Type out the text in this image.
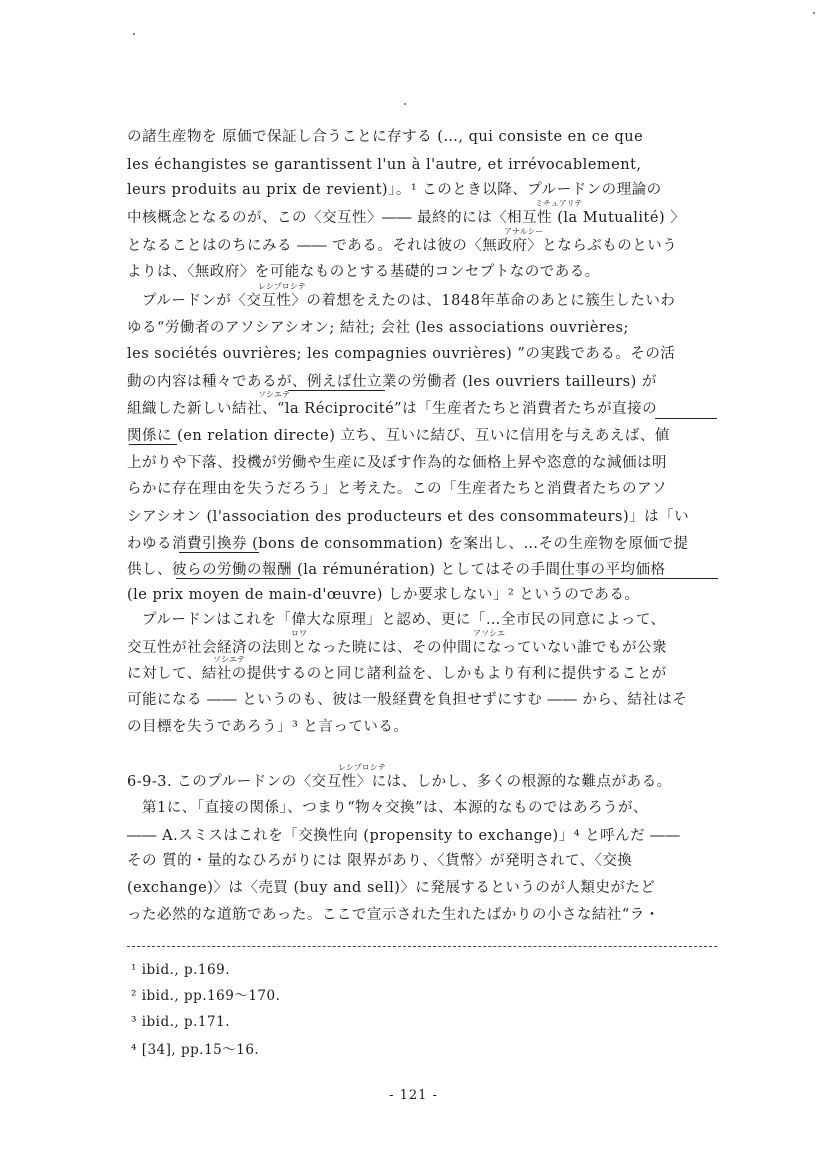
の諸生産物を 原価で保証し合うことに存する (…, qui consiste en ce que
les échangistes se garantissent l'un à l'autre, et irrévocablement,
leurs produits au prix de revient)」。¹ このとき以降、プルードンの理論の
ミチュアリテ
中核概念となるのが、この〈交互性〉―― 最終的には〈相互性 (la Mutualité) 〉
アナルシー
となることはのちにみる ―― である。それは彼の〈無政府〉とならぶものという
よりは、〈無政府〉を可能なものとする基礎的コンセプトなのである。
レシプロシテ
　プルードンが〈交互性〉の着想をえたのは、1848年革命のあとに簇生したいわ
ゆる“労働者のアソシアシオン; 結社; 会社 (les associations ouvrières;
les sociétés ouvrières; les compagnies ouvrières) ”の実践である。その活
動の内容は種々であるが、例えば仕立業の労働者 (les ouvriers tailleurs) が
ソシエテ
組織した新しい結社、“la Réciprocité”は「生産者たちと消費者たちが直接の
関係に (en relation directe) 立ち、互いに結び、互いに信用を与えあえば、値
上がりや下落、投機が労働や生産に及ぼす作為的な価格上昇や恣意的な減価は明
らかに存在理由を失うだろう」と考えた。この「生産者たちと消費者たちのアソ
シアシオン (l'association des producteurs et des consommateurs)」は「い
わゆる消費引換券 (bons de consommation) を案出し、…その生産物を原価で提
供し、彼らの労働の報酬 (la rémunération) としてはその手間仕事の平均価格
(le prix moyen de main-d'œuvre) しか要求しない」² というのである。
　プルードンはこれを「偉大な原理」と認め、更に「…全市民の同意によって、
ロワ	アソシエ
交互性が社会経済の法則となった暁には、その仲間になっていない誰でもが公衆
ソシエテ
に対して、結社の提供するのと同じ諸利益を、しかもより有利に提供することが
可能になる ―― というのも、彼は一般経費を負担せずにすむ ―― から、結社はそ
の目標を失うであろう」³ と言っている。
レシプロシテ
6-9-3. このプルードンの〈交互性〉には、しかし、多くの根源的な難点がある。
　第1に、「直接の関係」、つまり“物々交換”は、本源的なものではあろうが、
―― A.スミスはこれを「交換性向 (propensity to exchange)」⁴ と呼んだ ――
その 質的・量的なひろがりには 限界があり、〈貨幣〉が発明されて、〈交換
(exchange)〉は〈売買 (buy and sell)〉に発展するというのが人類史がたど
った必然的な道筋であった。ここで宣示された生れたばかりの小さな結社“ラ・
¹ ibid., p.169.
² ibid., pp.169～170.
³ ibid., p.171.
⁴ [34], pp.15～16.
- 121 -
